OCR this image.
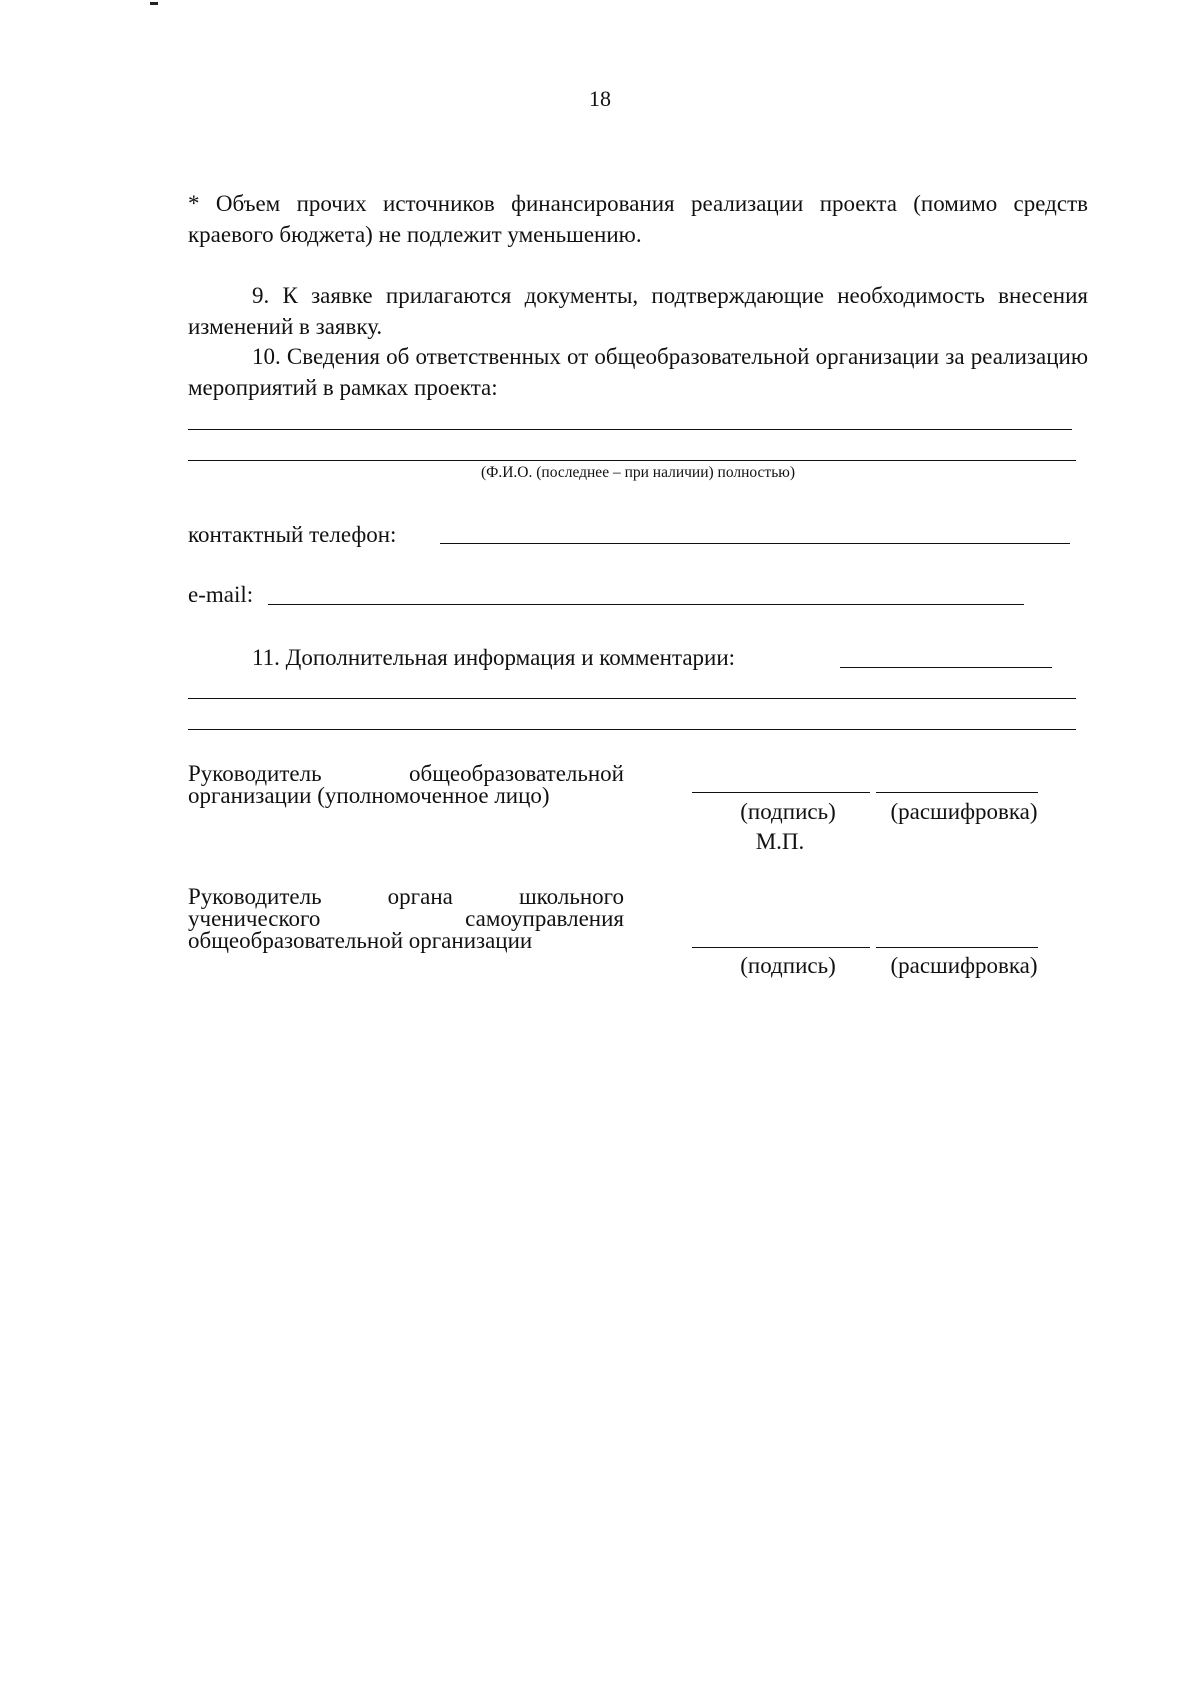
18
* Объем прочих источников финансирования реализации проекта (помимо средств краевого бюджета) не подлежит уменьшению.
9. К заявке прилагаются документы, подтверждающие необходимость внесения изменений в заявку.
10. Сведения об ответственных от общеобразовательной организации за реализацию мероприятий в рамках проекта:
(Ф.И.О. (последнее – при наличии) полностью)
контактный телефон:
e-mail:
11. Дополнительная информация и комментарии:
Руководитель общеобразовательной
организации (уполномоченное лицо)
(подпись)	(расшифровка)
М.П.
Руководитель органа школьного
ученического самоуправления
общеобразовательной организации
(подпись)	(расшифровка)
